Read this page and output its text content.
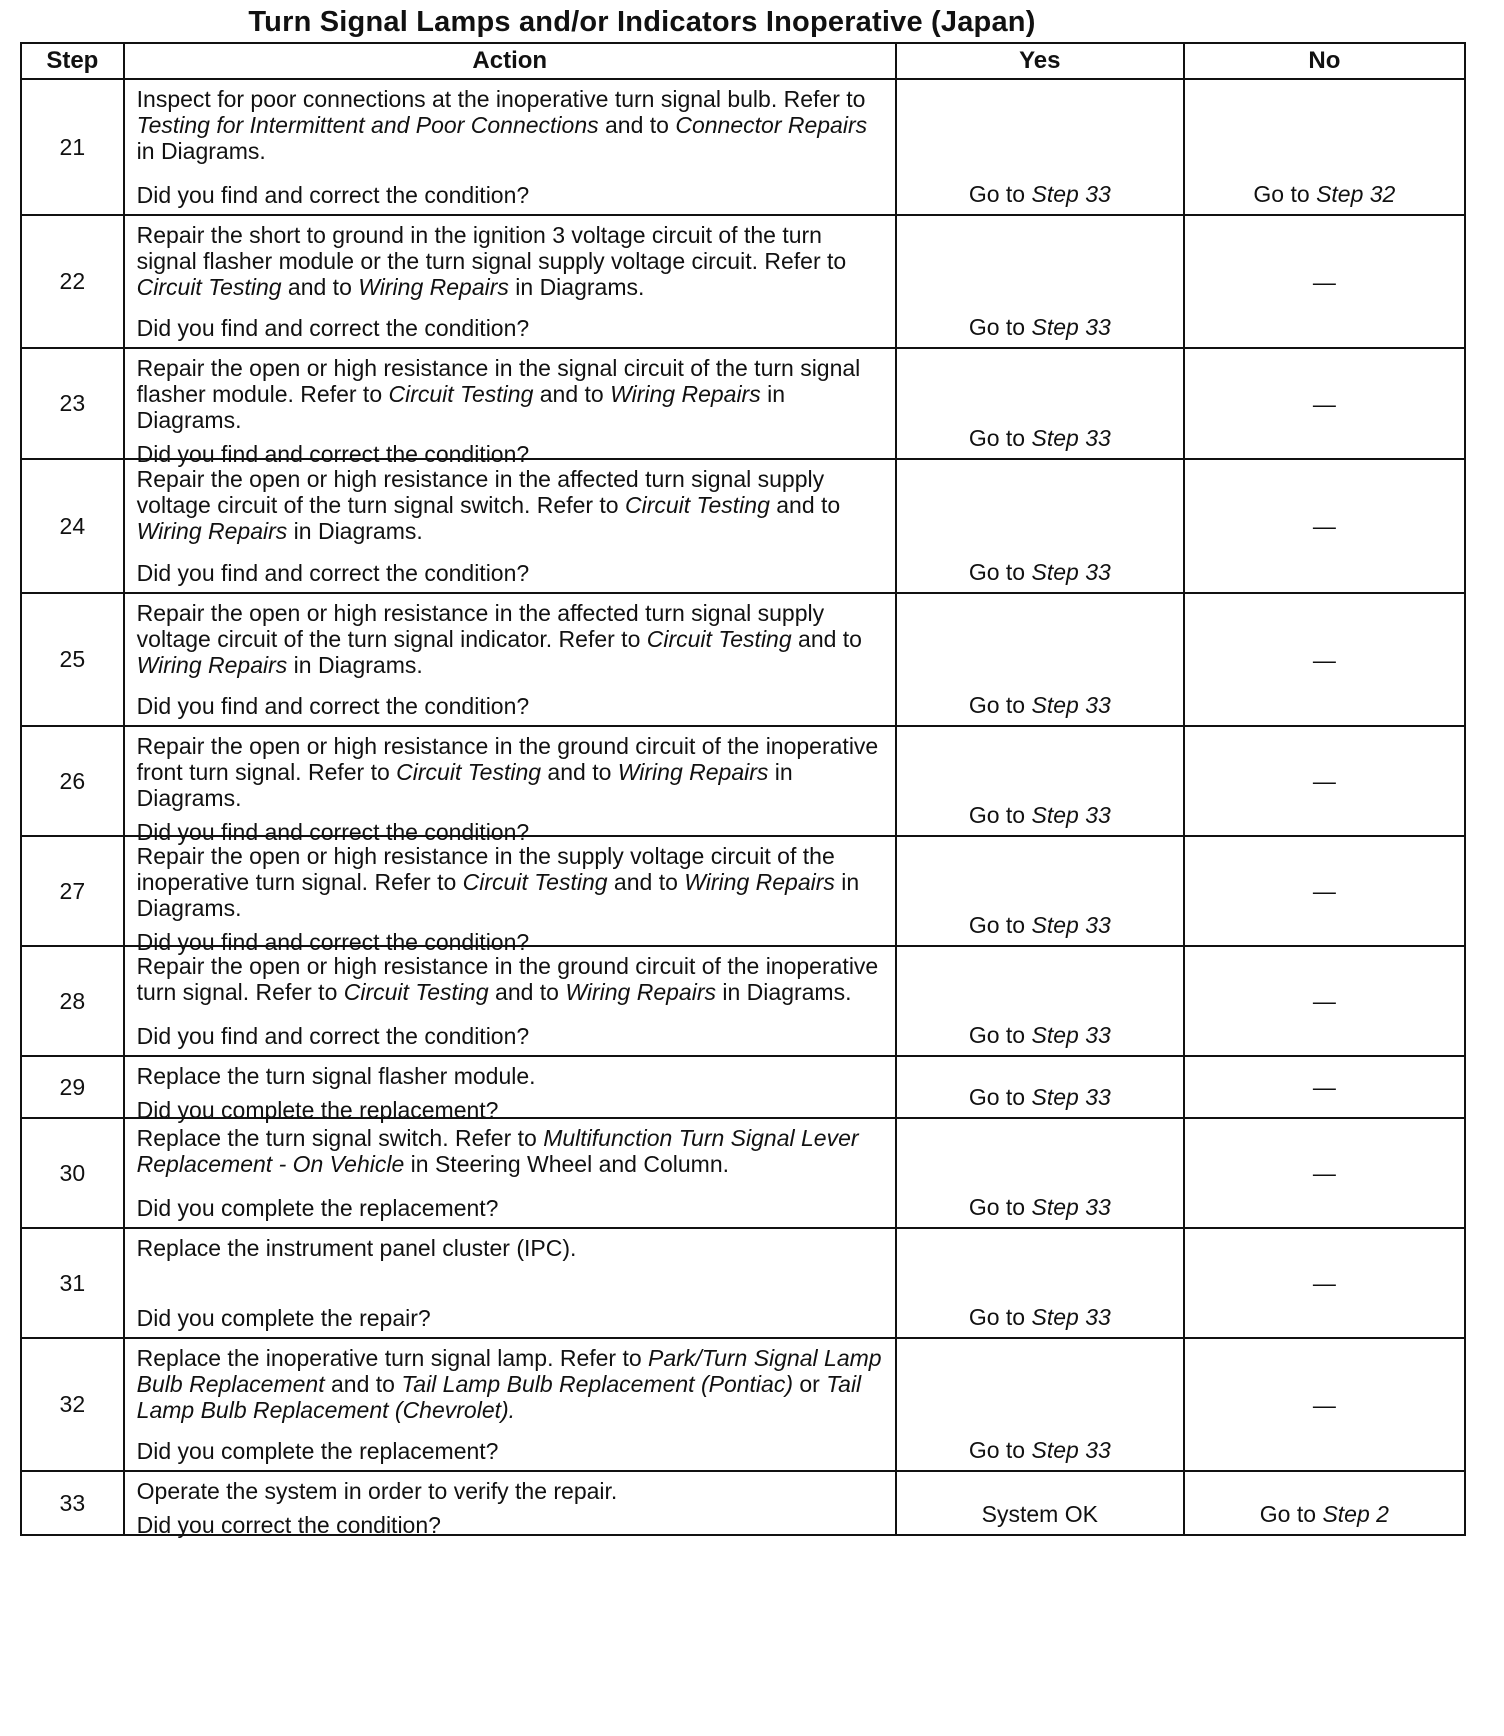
Turn Signal Lamps and/or Indicators Inoperative (Japan)
Step	Action	Yes	No
21	Inspect for poor connections at the inoperative turn signal bulb. Refer to Testing for Intermittent and Poor Connections and to Connector Repairs in Diagrams.
Did you find and correct the condition?	Go to Step 33	Go to Step 32
22	Repair the short to ground in the ignition 3 voltage circuit of the turn signal flasher module or the turn signal supply voltage circuit. Refer to Circuit Testing and to Wiring Repairs in Diagrams.
Did you find and correct the condition?	Go to Step 33	—
23	Repair the open or high resistance in the signal circuit of the turn signal flasher module. Refer to Circuit Testing and to Wiring Repairs in Diagrams.
Did you find and correct the condition?	Go to Step 33	—
24	Repair the open or high resistance in the affected turn signal supply voltage circuit of the turn signal switch. Refer to Circuit Testing and to Wiring Repairs in Diagrams.
Did you find and correct the condition?	Go to Step 33	—
25	Repair the open or high resistance in the affected turn signal supply voltage circuit of the turn signal indicator. Refer to Circuit Testing and to Wiring Repairs in Diagrams.
Did you find and correct the condition?	Go to Step 33	—
26	Repair the open or high resistance in the ground circuit of the inoperative front turn signal. Refer to Circuit Testing and to Wiring Repairs in Diagrams.
Did you find and correct the condition?	Go to Step 33	—
27	Repair the open or high resistance in the supply voltage circuit of the inoperative turn signal. Refer to Circuit Testing and to Wiring Repairs in Diagrams.
Did you find and correct the condition?	Go to Step 33	—
28	Repair the open or high resistance in the ground circuit of the inoperative turn signal. Refer to Circuit Testing and to Wiring Repairs in Diagrams.
Did you find and correct the condition?	Go to Step 33	—
29	Replace the turn signal flasher module.
Did you complete the replacement?	Go to Step 33	—
30	Replace the turn signal switch. Refer to Multifunction Turn Signal Lever Replacement - On Vehicle in Steering Wheel and Column.
Did you complete the replacement?	Go to Step 33	—
31	Replace the instrument panel cluster (IPC).
Did you complete the repair?	Go to Step 33	—
32	Replace the inoperative turn signal lamp. Refer to Park/Turn Signal Lamp Bulb Replacement and to Tail Lamp Bulb Replacement (Pontiac) or Tail Lamp Bulb Replacement (Chevrolet).
Did you complete the replacement?	Go to Step 33	—
33	Operate the system in order to verify the repair.
Did you correct the condition?	System OK	Go to Step 2
